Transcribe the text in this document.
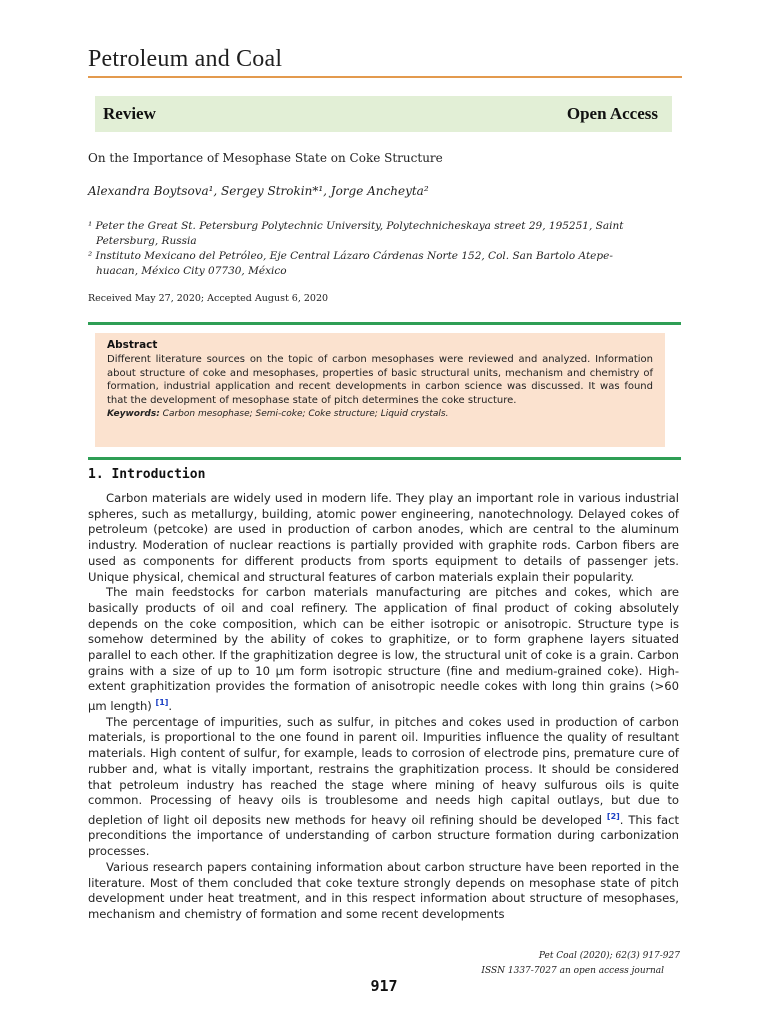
Petroleum and Coal
Review	Open Access
On the Importance of Mesophase State on Coke Structure
Alexandra Boytsova¹, Sergey Strokin*¹, Jorge Ancheyta²
¹ Peter the Great St. Petersburg Polytechnic University, Polytechnicheskaya street 29, 195251, Saint
Petersburg, Russia
² Instituto Mexicano del Petróleo, Eje Central Lázaro Cárdenas Norte 152, Col. San Bartolo Atepe-
huacan, México City 07730, México
Received May 27, 2020; Accepted August 6, 2020
Abstract
Different literature sources on the topic of carbon mesophases were reviewed and analyzed. Information about structure of coke and mesophases, properties of basic structural units, mechanism and chemistry of formation, industrial application and recent developments in carbon science was discussed. It was found that the development of mesophase state of pitch determines the coke structure.
Keywords: Carbon mesophase; Semi-coke; Coke structure; Liquid crystals.
1. Introduction

Carbon materials are widely used in modern life. They play an important role in various industrial spheres, such as metallurgy, building, atomic power engineering, nanotechnology. Delayed cokes of petroleum (petcoke) are used in production of carbon anodes, which are central to the aluminum industry. Moderation of nuclear reactions is partially provided with graphite rods. Carbon fibers are used as components for different products from sports equipment to details of passenger jets. Unique physical, chemical and structural features of carbon materials explain their popularity.

The main feedstocks for carbon materials manufacturing are pitches and cokes, which are basically products of oil and coal refinery. The application of final product of coking absolutely depends on the coke composition, which can be either isotropic or anisotropic. Structure type is somehow determined by the ability of cokes to graphitize, or to form graphene layers situated parallel to each other. If the graphitization degree is low, the structural unit of coke is a grain. Carbon grains with a size of up to 10 μm form isotropic structure (fine and medium-grained coke). High-extent graphitization provides the formation of anisotropic needle cokes with long thin grains (>60 μm length) [1].

The percentage of impurities, such as sulfur, in pitches and cokes used in production of carbon materials, is proportional to the one found in parent oil. Impurities influence the quality of resultant materials. High content of sulfur, for example, leads to corrosion of electrode pins, premature cure of rubber and, what is vitally important, restrains the graphitization process. It should be considered that petroleum industry has reached the stage where mining of heavy sulfurous oils is quite common. Processing of heavy oils is troublesome and needs high capital outlays, but due to depletion of light oil deposits new methods for heavy oil refining should be developed [2]. This fact preconditions the importance of understanding of carbon structure formation during carbonization processes.

Various research papers containing information about carbon structure have been reported in the literature. Most of them concluded that coke texture strongly depends on mesophase state of pitch development under heat treatment, and in this respect information about structure of mesophases, mechanism and chemistry of formation and some recent developments

Pet Coal (2020); 62(3) 917-927
ISSN 1337-7027 an open access journal
917
